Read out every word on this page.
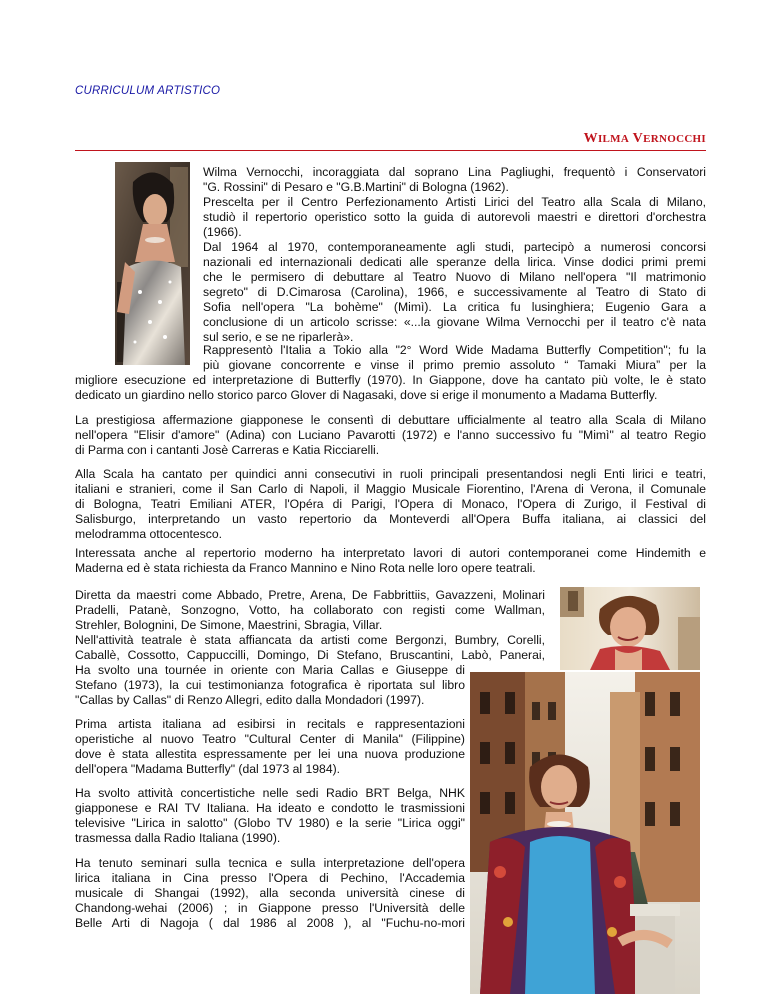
CURRICULUM ARTISTICO
WILMA VERNOCCHI
Wilma Vernocchi, incoraggiata dal soprano Lina Pagliughi, frequentò i Conservatori
"G. Rossini" di Pesaro e "G.B.Martini" di Bologna (1962).
Prescelta per il Centro Perfezionamento Artisti Lirici del Teatro alla Scala di Milano,
studiò il repertorio operistico sotto la guida di autorevoli maestri e direttori d'orchestra
(1966).
Dal 1964 al 1970, contemporaneamente agli studi, partecipò a numerosi concorsi
nazionali ed internazionali dedicati alle speranze della lirica. Vinse dodici primi premi
che le permisero di debuttare al Teatro Nuovo di Milano nell'opera "Il matrimonio
segreto" di D.Cimarosa (Carolina), 1966, e successivamente al Teatro di Stato di
Sofia nell'opera "La bohème" (Mimì). La critica fu lusinghiera; Eugenio Gara a
conclusione di un articolo scrisse: «...la giovane Wilma Vernocchi per il teatro c'è nata
sul serio, e se ne riparlerà».
Rappresentò l'Italia a Tokio alla "2° Word Wide Madama Butterfly Competition"; fu la
più giovane concorrente e vinse il primo premio assoluto “ Tamaki Miura” per la
migliore esecuzione ed interpretazione di Butterfly (1970). In Giappone, dove ha cantato più volte, le è stato
dedicato un giardino nello storico parco Glover di Nagasaki, dove si erige il monumento a Madama Butterfly.
La prestigiosa affermazione giapponese le consentì di debuttare ufficialmente al teatro alla Scala di Milano
nell'opera "Elisir d'amore" (Adina) con Luciano Pavarotti (1972) e l'anno successivo fu "Mimì" al teatro Regio
di Parma con i cantanti Josè Carreras e Katia Ricciarelli.
Alla Scala ha cantato per quindici anni consecutivi in ruoli principali presentandosi negli Enti lirici e teatri,
italiani e stranieri, come il San Carlo di Napoli, il Maggio Musicale Fiorentino, l'Arena di Verona, il Comunale
di Bologna, Teatri Emiliani ATER, l'Opéra di Parigi, l'Opera di Monaco, l'Opera di Zurigo, il Festival di
Salisburgo, interpretando un vasto repertorio da Monteverdi all'Opera Buffa italiana, ai classici del
melodramma ottocentesco.
Interessata anche al repertorio moderno ha interpretato lavori di autori contemporanei come Hindemith e
Maderna ed è stata richiesta da Franco Mannino e Nino Rota nelle loro opere teatrali.
Diretta da maestri come Abbado, Pretre, Arena, De Fabbrittiis, Gavazzeni, Molinari
Pradelli, Patanè, Sonzogno, Votto, ha collaborato con registi come Wallman,
Strehler, Bolognini, De Simone, Maestrini, Sbragia, Villar.
Nell'attività teatrale è stata affiancata da artisti come Bergonzi, Bumbry, Corelli,
Caballè, Cossotto, Cappuccilli, Domingo, Di Stefano, Bruscantini, Labò, Panerai,
Ha svolto una tournée in oriente con Maria Callas e Giuseppe di
Stefano (1973), la cui testimonianza fotografica è riportata sul libro
"Callas by Callas" di Renzo Allegri, edito dalla Mondadori (1997).
Prima artista italiana ad esibirsi in recitals e rappresentazioni
operistiche al nuovo Teatro "Cultural Center di Manila" (Filippine)
dove è stata allestita espressamente per lei una nuova produzione
dell'opera "Madama Butterfly" (dal 1973 al 1984).
Ha svolto attività concertistiche nelle sedi Radio BRT Belga, NHK
giapponese e RAI TV Italiana. Ha ideato e condotto le trasmissioni
televisive "Lirica in salotto" (Globo TV 1980) e la serie "Lirica oggi"
trasmessa dalla Radio Italiana (1990).
Ha tenuto seminari sulla tecnica e sulla interpretazione dell'opera
lirica italiana in Cina presso l'Opera di Pechino, l'Accademia
musicale di Shangai (1992), alla seconda università cinese di
Chandong-wehai (2006) ; in Giappone presso l'Università delle
Belle Arti di Nagoja ( dal 1986 al 2008 ), al "Fuchu-no-mori
